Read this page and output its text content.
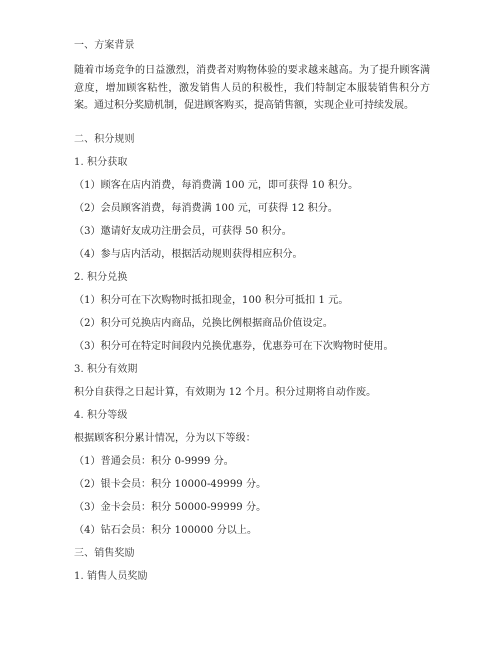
一、方案背景
随着市场竞争的日益激烈，消费者对购物体验的要求越来越高。为了提升顾客满意度，增加顾客粘性，激发销售人员的积极性，我们特制定本服装销售积分方案。通过积分奖励机制，促进顾客购买，提高销售额，实现企业可持续发展。
二、积分规则
1. 积分获取
（1）顾客在店内消费，每消费满 100 元，即可获得 10 积分。
（2）会员顾客消费，每消费满 100 元，可获得 12 积分。
（3）邀请好友成功注册会员，可获得 50 积分。
（4）参与店内活动，根据活动规则获得相应积分。
2. 积分兑换
（1）积分可在下次购物时抵扣现金，100 积分可抵扣 1 元。
（2）积分可兑换店内商品，兑换比例根据商品价值设定。
（3）积分可在特定时间段内兑换优惠券，优惠券可在下次购物时使用。
3. 积分有效期
积分自获得之日起计算，有效期为 12 个月。积分过期将自动作废。
4. 积分等级
根据顾客积分累计情况，分为以下等级：
（1）普通会员：积分 0-9999 分。
（2）银卡会员：积分 10000-49999 分。
（3）金卡会员：积分 50000-99999 分。
（4）钻石会员：积分 100000 分以上。
三、销售奖励
1. 销售人员奖励
